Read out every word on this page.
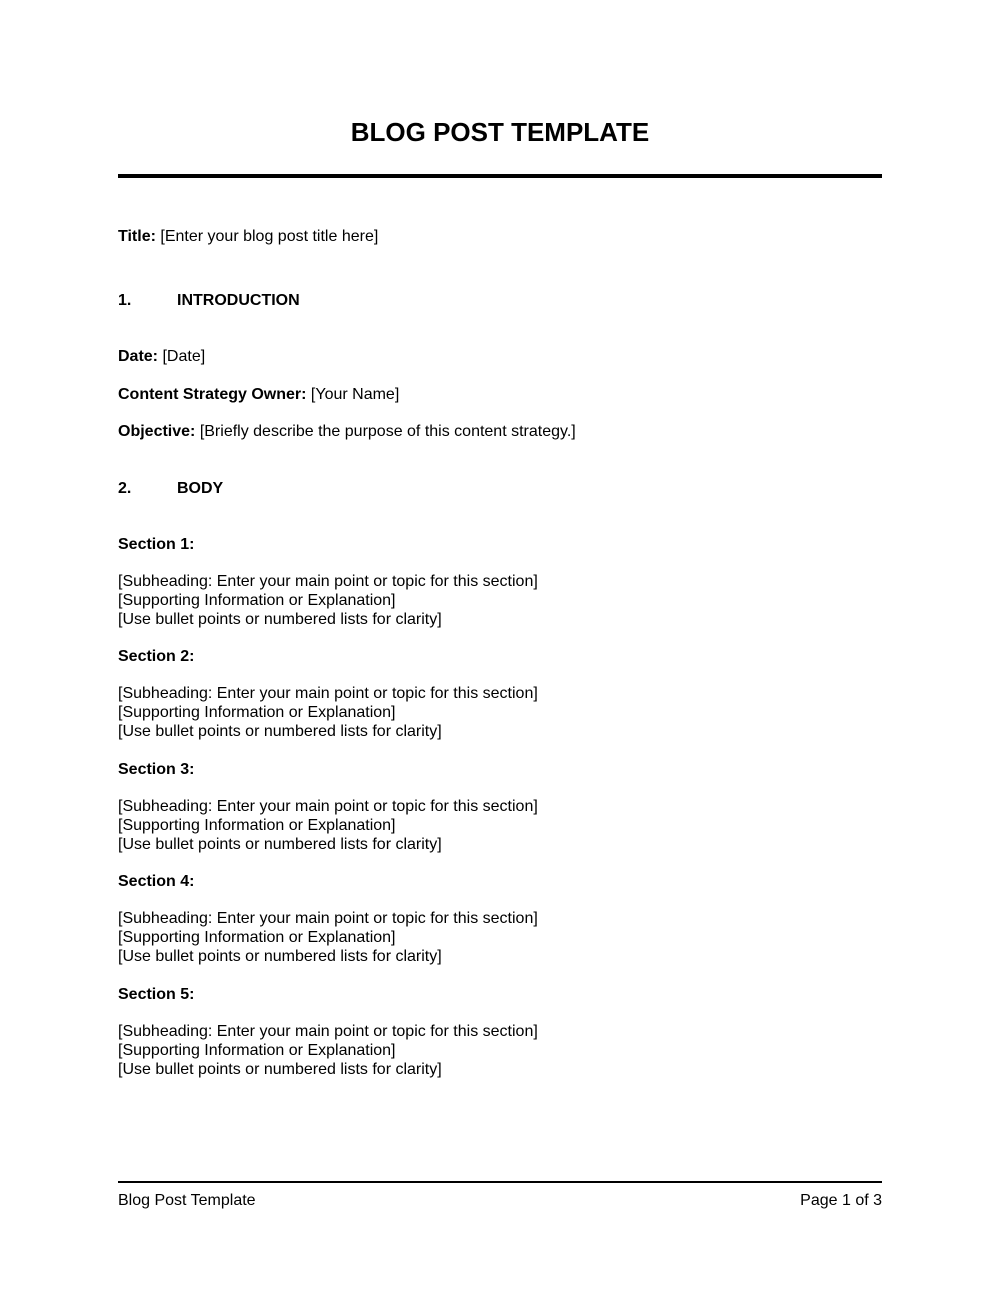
BLOG POST TEMPLATE
Title: [Enter your blog post title here]
1.	INTRODUCTION
Date: [Date]
Content Strategy Owner: [Your Name]
Objective: [Briefly describe the purpose of this content strategy.]
2.	BODY
Section 1:
[Subheading: Enter your main point or topic for this section]
[Supporting Information or Explanation]
[Use bullet points or numbered lists for clarity]
Section 2:
[Subheading: Enter your main point or topic for this section]
[Supporting Information or Explanation]
[Use bullet points or numbered lists for clarity]
Section 3:
[Subheading: Enter your main point or topic for this section]
[Supporting Information or Explanation]
[Use bullet points or numbered lists for clarity]
Section 4:
[Subheading: Enter your main point or topic for this section]
[Supporting Information or Explanation]
[Use bullet points or numbered lists for clarity]
Section 5:
[Subheading: Enter your main point or topic for this section]
[Supporting Information or Explanation]
[Use bullet points or numbered lists for clarity]
Blog Post Template	Page 1 of 3
